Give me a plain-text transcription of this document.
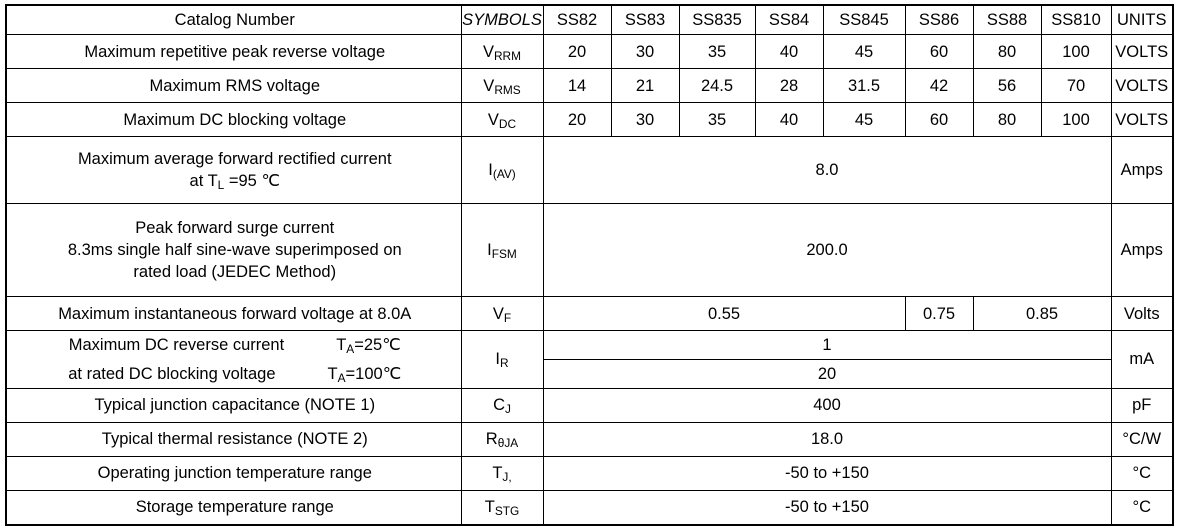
Catalog Number	SYMBOLS	SS82	SS83	SS835	SS84	SS845	SS86	SS88	SS810	UNITS
Maximum repetitive peak reverse voltage	$V_{RRM}$	20	30	35	40	45	60	80	100	VOLTS
Maximum RMS voltage	$V_{RMS}$	14	21	24.5	28	31.5	42	56	70	VOLTS
Maximum DC blocking voltage	$V_{DC}$	20	30	35	40	45	60	80	100	VOLTS

Maximum average forward rectified current
at $T_L =95$ ℃	$I_{(AV)}$	8.0								Amps

Peak forward surge current
8.3ms single half sine-wave superimposed on
rated load (JEDEC Method)	$I_{FSM}$	200.0								Amps
Maximum instantaneous forward voltage at 8.0A	$V_F$	0.55					0.75	0.85		Volts
Maximum DC reverse current $T_A=25℃$	$I_R$	1								mA
at rated DC blocking voltage $T_A=100℃$		20								
Typical junction capacitance (NOTE 1)	$C_J$	400								pF
Typical thermal resistance (NOTE 2)	$R_{\theta JA}$	18.0								°C/W
Operating junction temperature range	$T_{J,}$	-50 to +150								°C
Storage temperature range	$T_{STG}$	-50 to +150								°C
